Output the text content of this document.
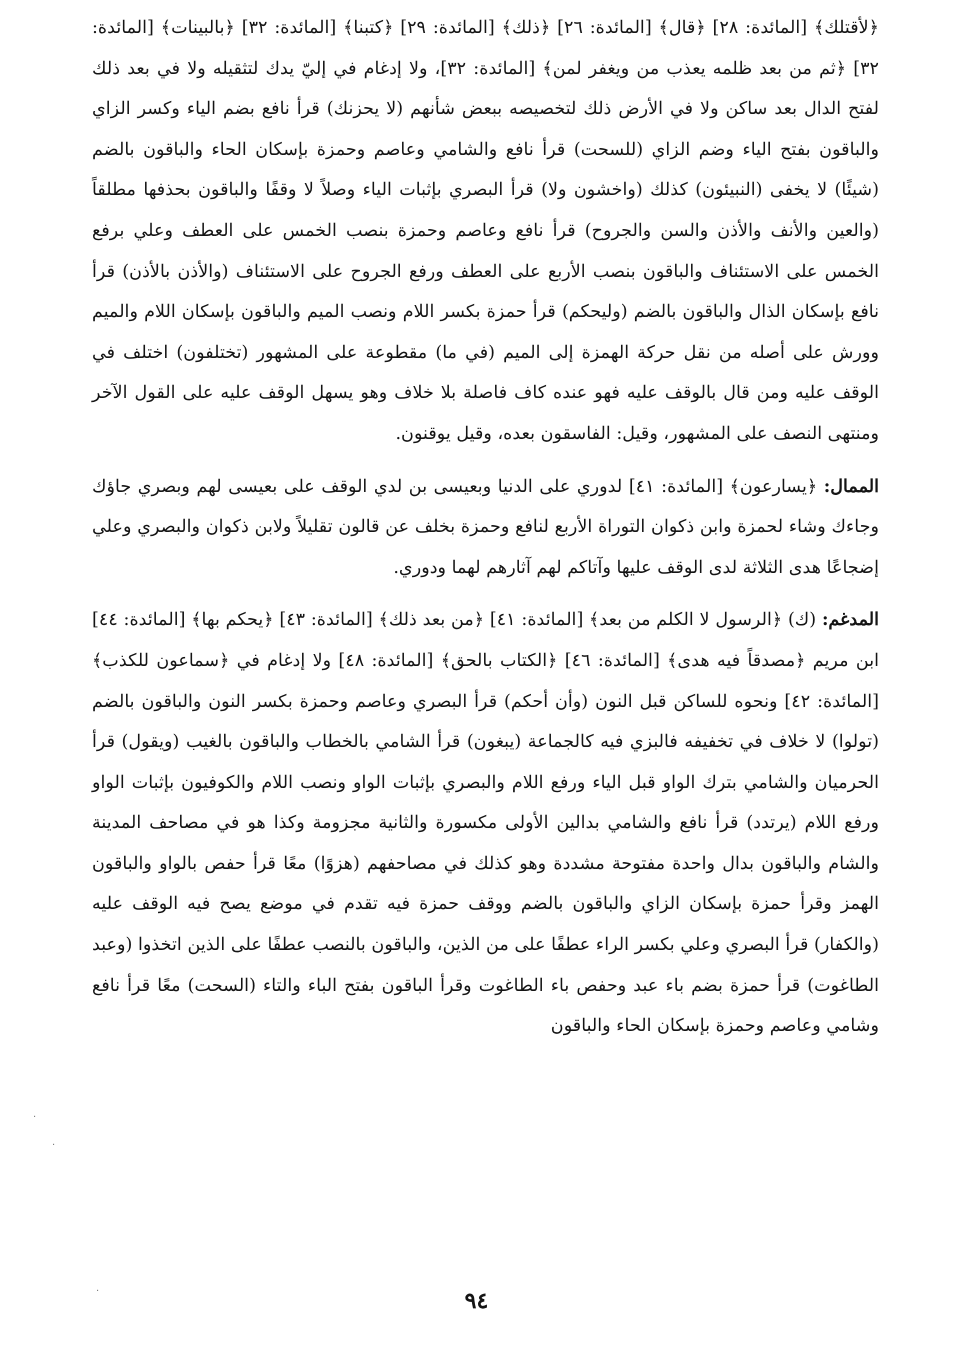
﴿لأقتلك﴾ [المائدة: ٢٨] ﴿قال﴾ [المائدة: ٢٦] ﴿ذلك﴾ [المائدة: ٢٩] ﴿كتبنا﴾ [المائدة: ٣٢] ﴿بالبينات﴾ [المائدة: ٣٢] ﴿ثم من بعد ظلمه يعذب من ويغفر لمن﴾ [المائدة: ٣٢]، ولا إدغام في إليّ يدك لتثقيله ولا في بعد ذلك لفتح الدال بعد ساكن ولا في الأرض ذلك لتخصيصه ببعض شأنهم (لا يحزنك) قرأ نافع بضم الياء وكسر الزاي والباقون بفتح الياء وضم الزاي (للسحت) قرأ نافع والشامي وعاصم وحمزة بإسكان الحاء والباقون بالضم (شيئًا) لا يخفى (النبيئون) كذلك (واخشون ولا) قرأ البصري بإثبات الياء وصلاً لا وقفًا والباقون بحذفها مطلقاً (والعين والأنف والأذن والسن والجروح) قرأ نافع وعاصم وحمزة بنصب الخمس على العطف وعلي برفع الخمس على الاستئناف والباقون بنصب الأربع على العطف ورفع الجروح على الاستئناف (والأذن بالأذن) قرأ نافع بإسكان الذال والباقون بالضم (وليحكم) قرأ حمزة بكسر اللام ونصب الميم والباقون بإسكان اللام والميم وورش على أصله من نقل حركة الهمزة إلى الميم (في ما) مقطوعة على المشهور (تختلفون) اختلف في الوقف عليه ومن قال بالوقف عليه فهو عنده كاف فاصلة بلا خلاف وهو يسهل الوقف عليه على القول الآخر ومنتهى النصف على المشهور، وقيل: الفاسقون بعده، وقيل يوقنون.

الممال: ﴿يسارعون﴾ [المائدة: ٤١] لدوري على الدنيا وبعيسى بن لدي الوقف على بعيسى لهم وبصري جاؤك وجاءك وشاء لحمزة وابن ذكوان التوراة الأربع لنافع وحمزة بخلف عن قالون تقليلاً ولابن ذكوان والبصري وعلي إضجاعًا هدى الثلاثة لدى الوقف عليها وآتاكم لهم آثارهم لهما ودوري.

المدغم: (ك) ﴿الرسول لا الكلم من بعد﴾ [المائدة: ٤١] ﴿من بعد ذلك﴾ [المائدة: ٤٣] ﴿يحكم بها﴾ [المائدة: ٤٤] ابن مريم ﴿مصدقاً فيه هدى﴾ [المائدة: ٤٦] ﴿الكتاب بالحق﴾ [المائدة: ٤٨] ولا إدغام في ﴿سماعون للكذب﴾ [المائدة: ٤٢] ونحوه للساكن قبل النون (وأن أحكم) قرأ البصري وعاصم وحمزة بكسر النون والباقون بالضم (تولوا) لا خلاف في تخفيفه فالبزي فيه كالجماعة (يبغون) قرأ الشامي بالخطاب والباقون بالغيب (ويقول) قرأ الحرميان والشامي بترك الواو قبل الياء ورفع اللام والبصري بإثبات الواو ونصب اللام والكوفيون بإثبات الواو ورفع اللام (يرتدد) قرأ نافع والشامي بدالين الأولى مكسورة والثانية مجزومة وكذا هو في مصاحف المدينة والشام والباقون بدال واحدة مفتوحة مشددة وهو كذلك في مصاحفهم (هزوًا) معًا قرأ حفص بالواو والباقون الهمز وقرأ حمزة بإسكان الزاي والباقون بالضم ووقف حمزة فيه تقدم في موضع يصح فيه الوقف عليه (والكفار) قرأ البصري وعلي بكسر الراء عطفًا على من الذين، والباقون بالنصب عطفًا على الذين اتخذوا (وعبد الطاغوت) قرأ حمزة بضم باء عبد وحفص باء الطاغوت وقرأ الباقون بفتح الباء والتاء (السحت) معًا قرأ نافع وشامي وعاصم وحمزة بإسكان الحاء والباقون

٩٤
·
·
·
